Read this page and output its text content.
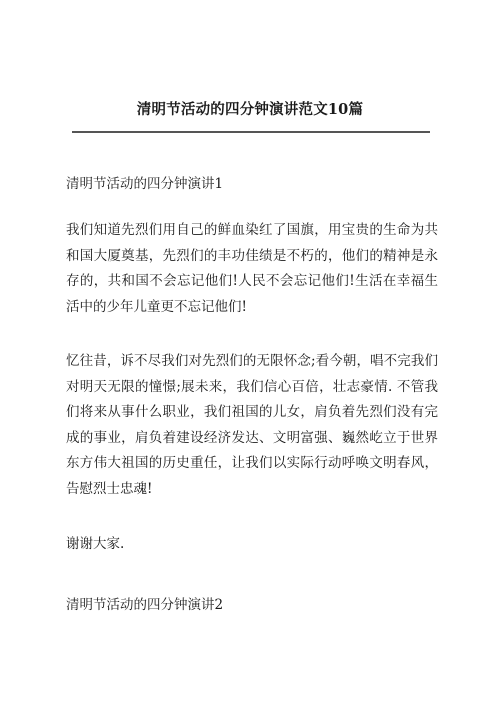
清明节活动的四分钟演讲范文10篇
清明节活动的四分钟演讲1
我们知道先烈们用自己的鲜血染红了国旗，用宝贵的生命为共和国大厦奠基，先烈们的丰功佳绩是不朽的，他们的精神是永存的，共和国不会忘记他们!人民不会忘记他们!生活在幸福生活中的少年儿童更不忘记他们!
忆往昔，诉不尽我们对先烈们的无限怀念;看今朝，唱不完我们对明天无限的憧憬;展未来，我们信心百倍，壮志豪情. 不管我们将来从事什么职业，我们祖国的儿女，肩负着先烈们没有完成的事业，肩负着建设经济发达、文明富强、巍然屹立于世界东方伟大祖国的历史重任，让我们以实际行动呼唤文明春风，告慰烈士忠魂!
谢谢大家.
清明节活动的四分钟演讲2
